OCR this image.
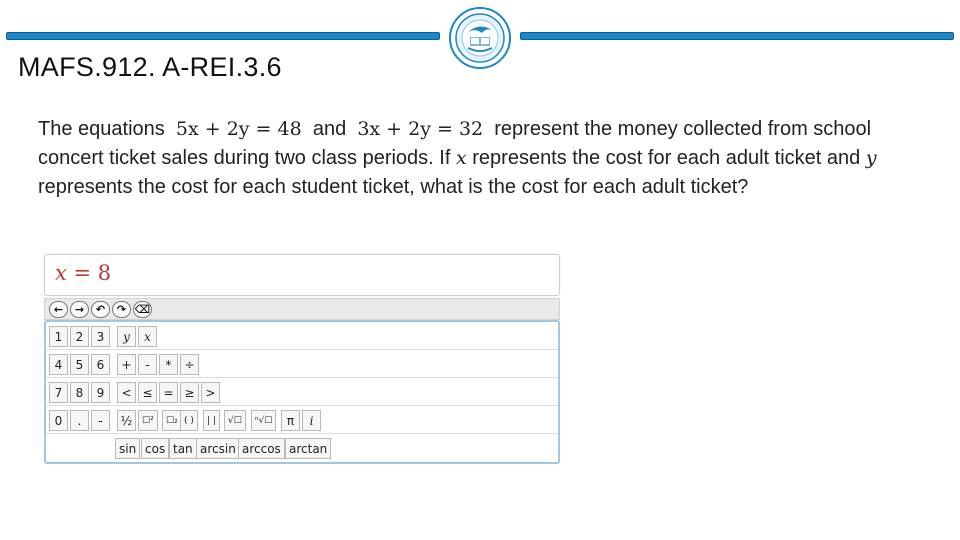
MAFS.912. A-REI.3.6
The equations 5x + 2y = 48 and 3x + 2y = 32 represent the money collected from school concert ticket sales during two class periods. If x represents the cost for each adult ticket and y represents the cost for each student ticket, what is the cost for each adult ticket?
x = 8
←	→	↶	↷ ⌫
1	2	3	y	x
4	5	6	+	-	*	÷
7	8	9	< ≤ = ≥ >
0	.	-	½	☐²	☐₂ ( )	| |	√☐	ⁿ√☐	π	i
sin cos tan arcsin arccos arctan
